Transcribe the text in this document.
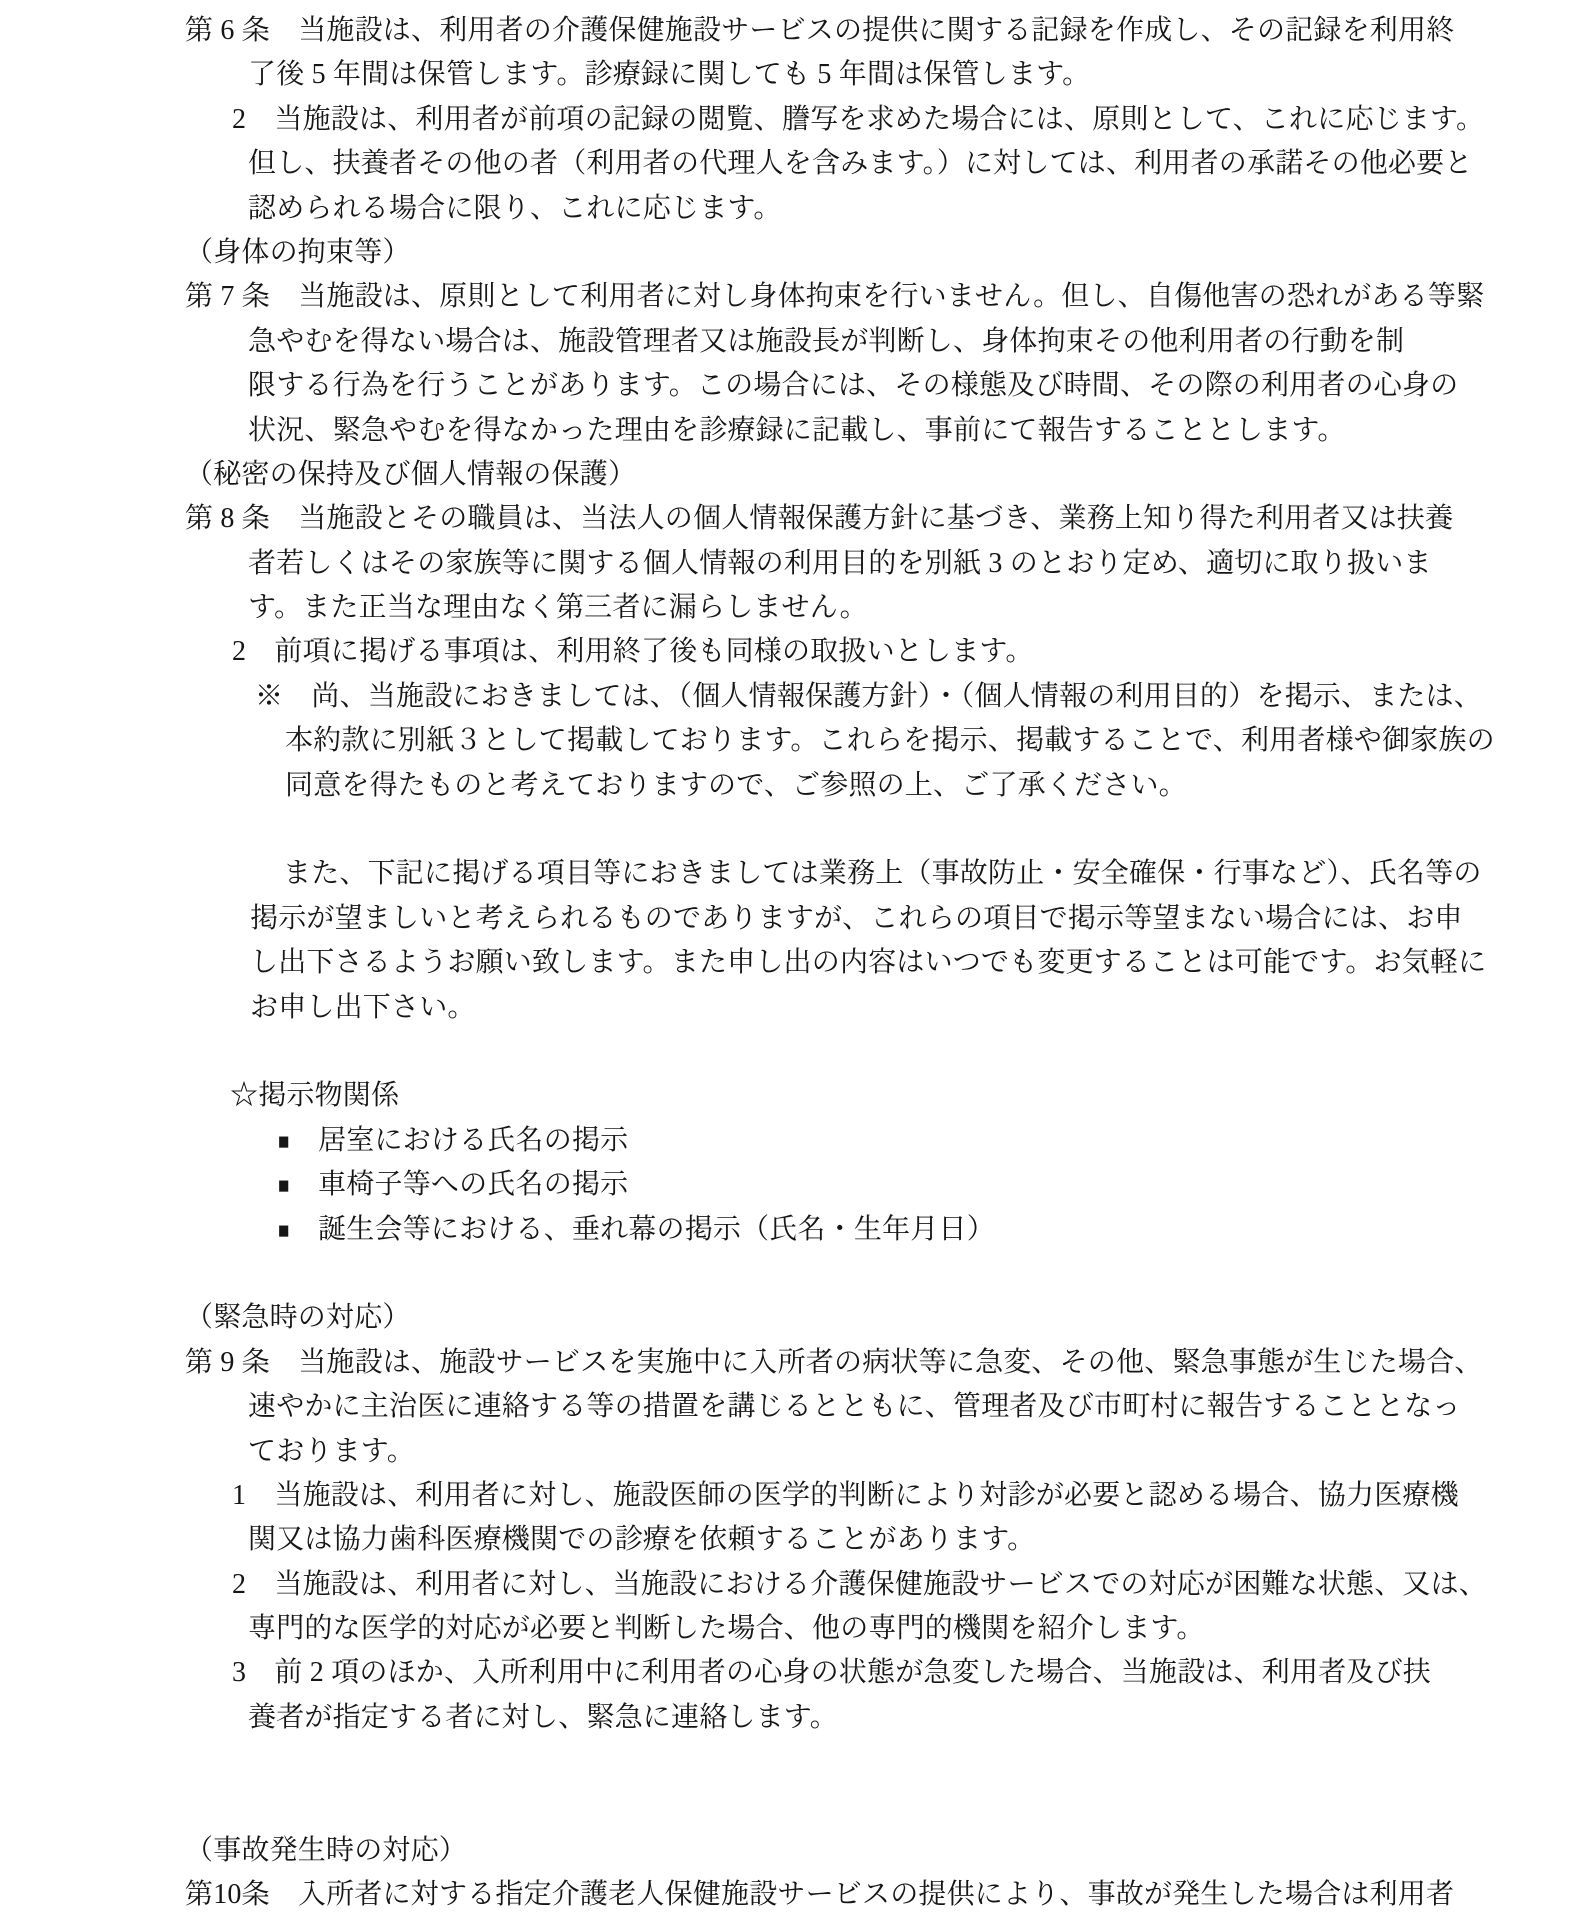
第 6 条　当施設は、利用者の介護保健施設サービスの提供に関する記録を作成し、その記録を利用終
了後 5 年間は保管します。診療録に関しても 5 年間は保管します。
2　当施設は、利用者が前項の記録の閲覧、謄写を求めた場合には、原則として、これに応じます。
但し、扶養者その他の者（利用者の代理人を含みます。）に対しては、利用者の承諾その他必要と
認められる場合に限り、これに応じます。
（身体の拘束等）
第 7 条　当施設は、原則として利用者に対し身体拘束を行いません。但し、自傷他害の恐れがある等緊
急やむを得ない場合は、施設管理者又は施設長が判断し、身体拘束その他利用者の行動を制
限する行為を行うことがあります。この場合には、その様態及び時間、その際の利用者の心身の
状況、緊急やむを得なかった理由を診療録に記載し、事前にて報告することとします。
（秘密の保持及び個人情報の保護）
第 8 条　当施設とその職員は、当法人の個人情報保護方針に基づき、業務上知り得た利用者又は扶養
者若しくはその家族等に関する個人情報の利用目的を別紙 3 のとおり定め、適切に取り扱いま
す。また正当な理由なく第三者に漏らしません。
2　前項に掲げる事項は、利用終了後も同様の取扱いとします。
※　尚、当施設におきましては、（個人情報保護方針）・（個人情報の利用目的）を掲示、または、
本約款に別紙３として掲載しております。これらを掲示、掲載することで、利用者様や御家族の
同意を得たものと考えておりますので、ご参照の上、ご了承ください。
また、下記に掲げる項目等におきましては業務上（事故防止・安全確保・行事など）、氏名等の
掲示が望ましいと考えられるものでありますが、これらの項目で掲示等望まない場合には、お申
し出下さるようお願い致します。また申し出の内容はいつでも変更することは可能です。お気軽に
お申し出下さい。
☆掲示物関係
■ 居室における氏名の掲示
■ 車椅子等への氏名の掲示
■ 誕生会等における、垂れ幕の掲示（氏名・生年月日）
（緊急時の対応）
第 9 条　当施設は、施設サービスを実施中に入所者の病状等に急変、その他、緊急事態が生じた場合、
速やかに主治医に連絡する等の措置を講じるとともに、管理者及び市町村に報告することとなっ
ております。
1　当施設は、利用者に対し、施設医師の医学的判断により対診が必要と認める場合、協力医療機
関又は協力歯科医療機関での診療を依頼することがあります。
2　当施設は、利用者に対し、当施設における介護保健施設サービスでの対応が困難な状態、又は、
専門的な医学的対応が必要と判断した場合、他の専門的機関を紹介します。
3　前 2 項のほか、入所利用中に利用者の心身の状態が急変した場合、当施設は、利用者及び扶
養者が指定する者に対し、緊急に連絡します。
（事故発生時の対応）
第10条　入所者に対する指定介護老人保健施設サービスの提供により、事故が発生した場合は利用者
